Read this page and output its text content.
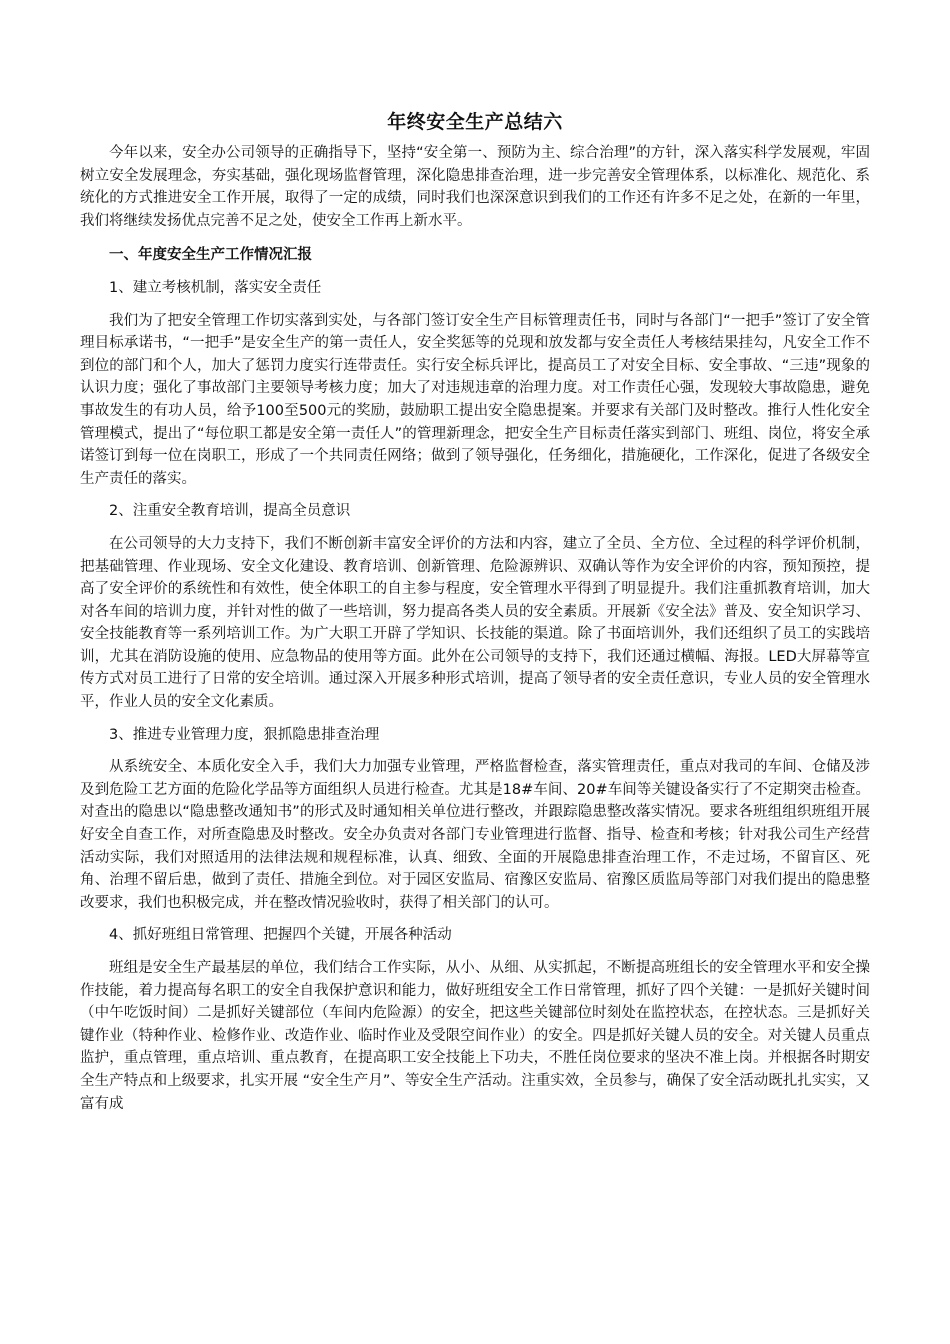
年终安全生产总结六

今年以来，安全办公司领导的正确指导下，坚持“安全第一、预防为主、综合治理”的方针，深入落实科学发展观，牢固树立安全发展理念，夯实基础，强化现场监督管理，深化隐患排查治理，进一步完善安全管理体系，以标准化、规范化、系统化的方式推进安全工作开展，取得了一定的成绩，同时我们也深深意识到我们的工作还有许多不足之处，在新的一年里，我们将继续发扬优点完善不足之处，使安全工作再上新水平。

一、年度安全生产工作情况汇报

1、建立考核机制，落实安全责任

我们为了把安全管理工作切实落到实处，与各部门签订安全生产目标管理责任书，同时与各部门“一把手”签订了安全管理目标承诺书，“一把手”是安全生产的第一责任人，安全奖惩等的兑现和放发都与安全责任人考核结果挂勾，凡安全工作不到位的部门和个人，加大了惩罚力度实行连带责任。实行安全标兵评比，提高员工了对安全目标、安全事故、“三违”现象的认识力度；强化了事故部门主要领导考核力度；加大了对违规违章的治理力度。对工作责任心强，发现较大事故隐患，避免事故发生的有功人员，给予100至500元的奖励，鼓励职工提出安全隐患提案。并要求有关部门及时整改。推行人性化安全管理模式，提出了“每位职工都是安全第一责任人”的管理新理念，把安全生产目标责任落实到部门、班组、岗位，将安全承诺签订到每一位在岗职工，形成了一个共同责任网络；做到了领导强化，任务细化，措施硬化，工作深化，促进了各级安全生产责任的落实。

2、注重安全教育培训，提高全员意识

在公司领导的大力支持下，我们不断创新丰富安全评价的方法和内容，建立了全员、全方位、全过程的科学评价机制，把基础管理、作业现场、安全文化建设、教育培训、创新管理、危险源辨识、双确认等作为安全评价的内容，预知预控，提高了安全评价的系统性和有效性，使全体职工的自主参与程度，安全管理水平得到了明显提升。我们注重抓教育培训，加大对各车间的培训力度，并针对性的做了一些培训，努力提高各类人员的安全素质。开展新《安全法》普及、安全知识学习、安全技能教育等一系列培训工作。为广大职工开辟了学知识、长技能的渠道。除了书面培训外，我们还组织了员工的实践培训，尤其在消防设施的使用、应急物品的使用等方面。此外在公司领导的支持下，我们还通过横幅、海报。LED大屏幕等宣传方式对员工进行了日常的安全培训。通过深入开展多种形式培训，提高了领导者的安全责任意识，专业人员的安全管理水平，作业人员的安全文化素质。

3、推进专业管理力度，狠抓隐患排查治理

从系统安全、本质化安全入手，我们大力加强专业管理，严格监督检查，落实管理责任，重点对我司的车间、仓储及涉及到危险工艺方面的危险化学品等方面组织人员进行检查。尤其是18#车间、20#车间等关键设备实行了不定期突击检查。对查出的隐患以“隐患整改通知书”的形式及时通知相关单位进行整改，并跟踪隐患整改落实情况。要求各班组组织班组开展好安全自查工作，对所查隐患及时整改。安全办负责对各部门专业管理进行监督、指导、检查和考核；针对我公司生产经营活动实际，我们对照适用的法律法规和规程标准，认真、细致、全面的开展隐患排查治理工作，不走过场，不留盲区、死角、治理不留后患，做到了责任、措施全到位。对于园区安监局、宿豫区安监局、宿豫区质监局等部门对我们提出的隐患整改要求，我们也积极完成，并在整改情况验收时，获得了相关部门的认可。

4、抓好班组日常管理、把握四个关键，开展各种活动

班组是安全生产最基层的单位，我们结合工作实际，从小、从细、从实抓起，不断提高班组长的安全管理水平和安全操作技能，着力提高每名职工的安全自我保护意识和能力，做好班组安全工作日常管理，抓好了四个关键：一是抓好关键时间（中午吃饭时间）二是抓好关键部位（车间内危险源）的安全，把这些关键部位时刻处在监控状态，在控状态。三是抓好关键作业（特种作业、检修作业、改造作业、临时作业及受限空间作业）的安全。四是抓好关键人员的安全。对关键人员重点监护，重点管理，重点培训、重点教育，在提高职工安全技能上下功夫，不胜任岗位要求的坚决不准上岗。并根据各时期安全生产特点和上级要求，扎实开展 “安全生产月”、等安全生产活动。注重实效，全员参与，确保了安全活动既扎扎实实，又富有成
